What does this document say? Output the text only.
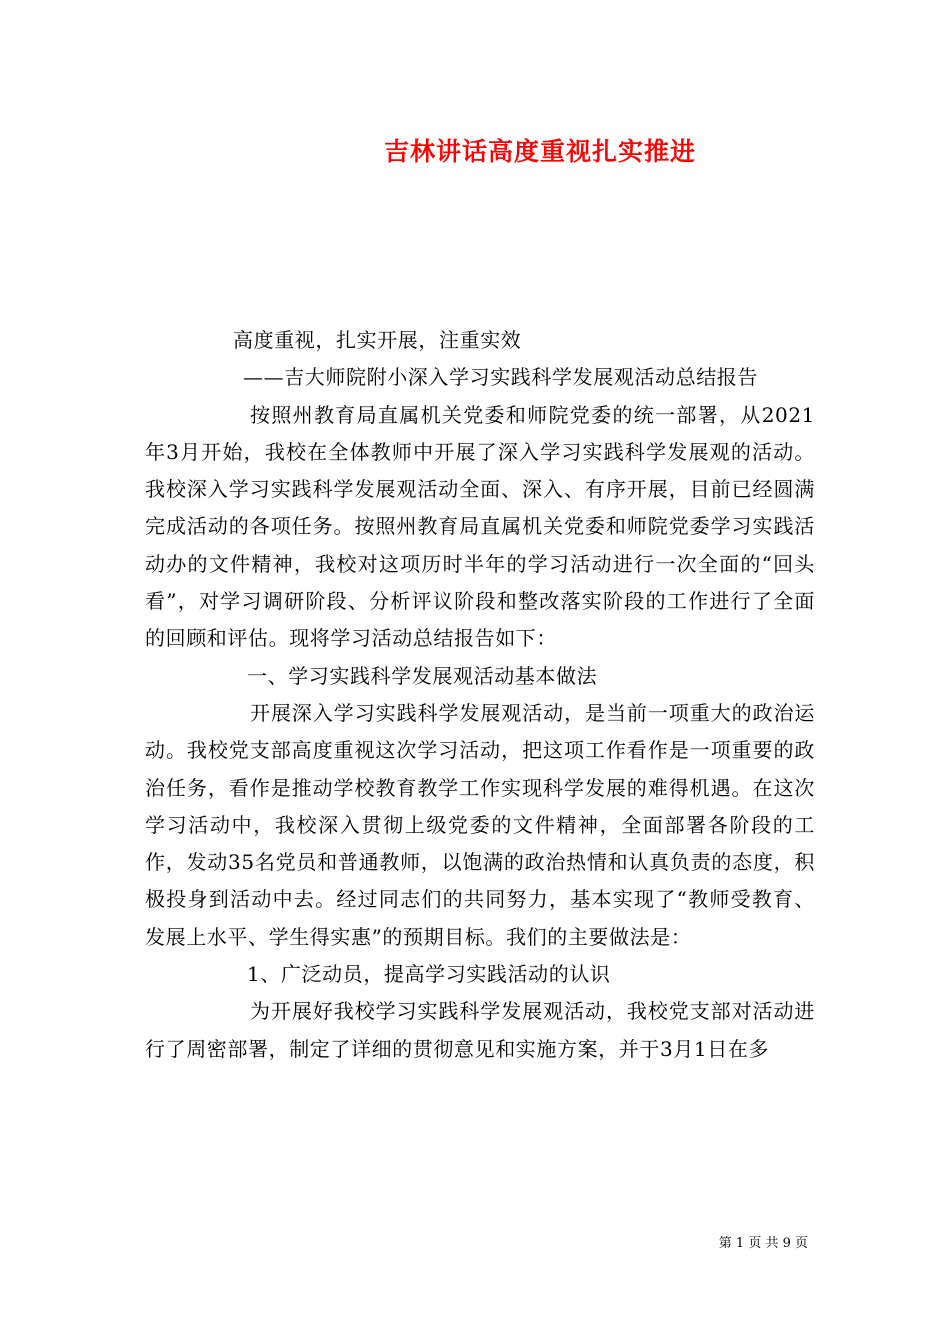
吉林讲话高度重视扎实推进

高度重视，扎实开展，注重实效

——吉大师院附小深入学习实践科学发展观活动总结报告

按照州教育局直属机关党委和师院党委的统一部署，从2021年3月开始，我校在全体教师中开展了深入学习实践科学发展观的活动。我校深入学习实践科学发展观活动全面、深入、有序开展，目前已经圆满完成活动的各项任务。按照州教育局直属机关党委和师院党委学习实践活动办的文件精神，我校对这项历时半年的学习活动进行一次全面的“回头看”，对学习调研阶段、分析评议阶段和整改落实阶段的工作进行了全面的回顾和评估。现将学习活动总结报告如下：

一、学习实践科学发展观活动基本做法

开展深入学习实践科学发展观活动，是当前一项重大的政治运动。我校党支部高度重视这次学习活动，把这项工作看作是一项重要的政治任务，看作是推动学校教育教学工作实现科学发展的难得机遇。在这次学习活动中，我校深入贯彻上级党委的文件精神，全面部署各阶段的工作，发动35名党员和普通教师，以饱满的政治热情和认真负责的态度，积极投身到活动中去。经过同志们的共同努力，基本实现了“教师受教育、发展上水平、学生得实惠”的预期目标。我们的主要做法是：

1、广泛动员，提高学习实践活动的认识

为开展好我校学习实践科学发展观活动，我校党支部对活动进行了周密部署，制定了详细的贯彻意见和实施方案，并于3月1日在多

第 1 页 共 9 页
